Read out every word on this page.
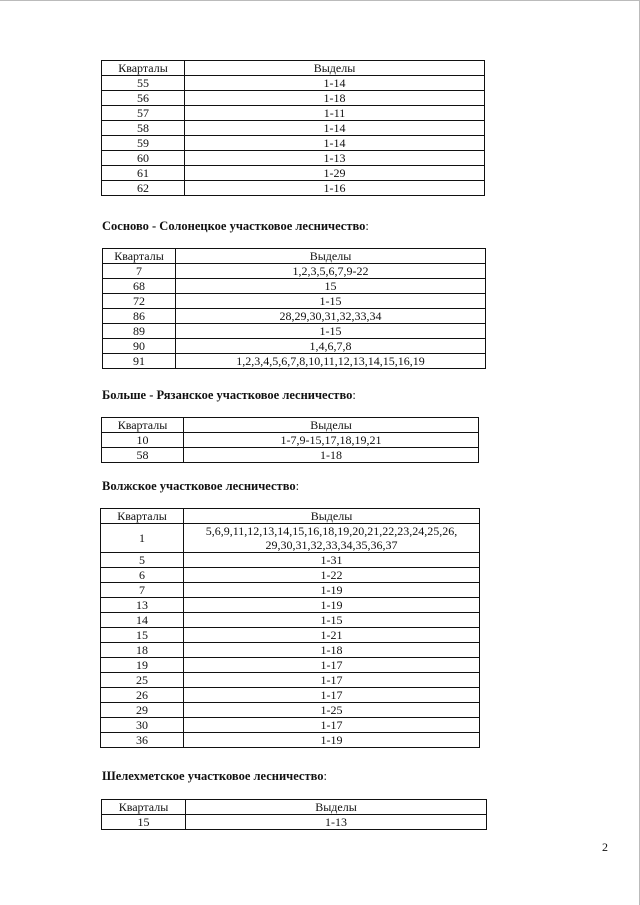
Кварталы	Выделы
55	1-14
56	1-18
57	1-11
58	1-14
59	1-14
60	1-13
61	1-29
62	1-16
Сосново - Солонецкое участковое лесничество:
Кварталы	Выделы
7	1,2,3,5,6,7,9-22
68	15
72	1-15
86	28,29,30,31,32,33,34
89	1-15
90	1,4,6,7,8
91	1,2,3,4,5,6,7,8,10,11,12,13,14,15,16,19
Больше - Рязанское участковое лесничество:
Кварталы	Выделы
10	1-7,9-15,17,18,19,21
58	1-18
Волжское участковое лесничество:
Кварталы	Выделы
1	5,6,9,11,12,13,14,15,16,18,19,20,21,22,23,24,25,26, 29,30,31,32,33,34,35,36,37
5	1-31
6	1-22
7	1-19
13	1-19
14	1-15
15	1-21
18	1-18
19	1-17
25	1-17
26	1-17
29	1-25
30	1-17
36	1-19
Шелехметское участковое лесничество:
Кварталы	Выделы
15	1-13
2
